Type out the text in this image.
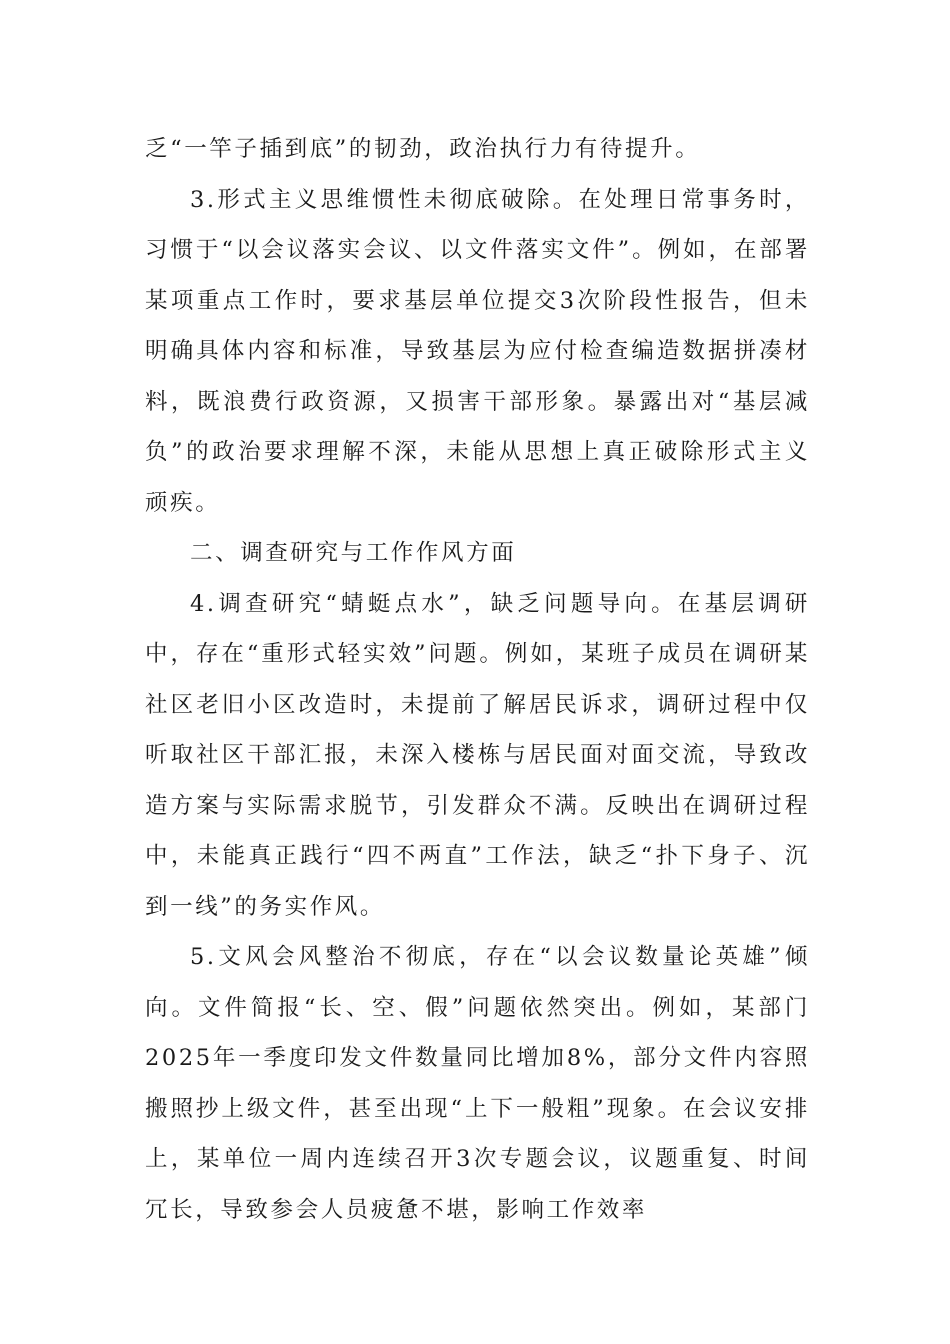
乏“一竿子插到底”的韧劲，政治执行力有待提升。

3.形式主义思维惯性未彻底破除。在处理日常事务时，习惯于“以会议落实会议、以文件落实文件”。例如，在部署某项重点工作时，要求基层单位提交3次阶段性报告，但未明确具体内容和标准，导致基层为应付检查编造数据拼凑材料，既浪费行政资源，又损害干部形象。暴露出对“基层减负”的政治要求理解不深，未能从思想上真正破除形式主义顽疾。

二、调查研究与工作作风方面

4.调查研究“蜻蜓点水”，缺乏问题导向。在基层调研中，存在“重形式轻实效”问题。例如，某班子成员在调研某社区老旧小区改造时，未提前了解居民诉求，调研过程中仅听取社区干部汇报，未深入楼栋与居民面对面交流，导致改造方案与实际需求脱节，引发群众不满。反映出在调研过程中，未能真正践行“四不两直”工作法，缺乏“扑下身子、沉到一线”的务实作风。

5.文风会风整治不彻底，存在“以会议数量论英雄”倾向。文件简报“长、空、假”问题依然突出。例如，某部门2025年一季度印发文件数量同比增加8%，部分文件内容照搬照抄上级文件，甚至出现“上下一般粗”现象。在会议安排上，某单位一周内连续召开3次专题会议，议题重复、时间冗长，导致参会人员疲惫不堪，影响工作效率
